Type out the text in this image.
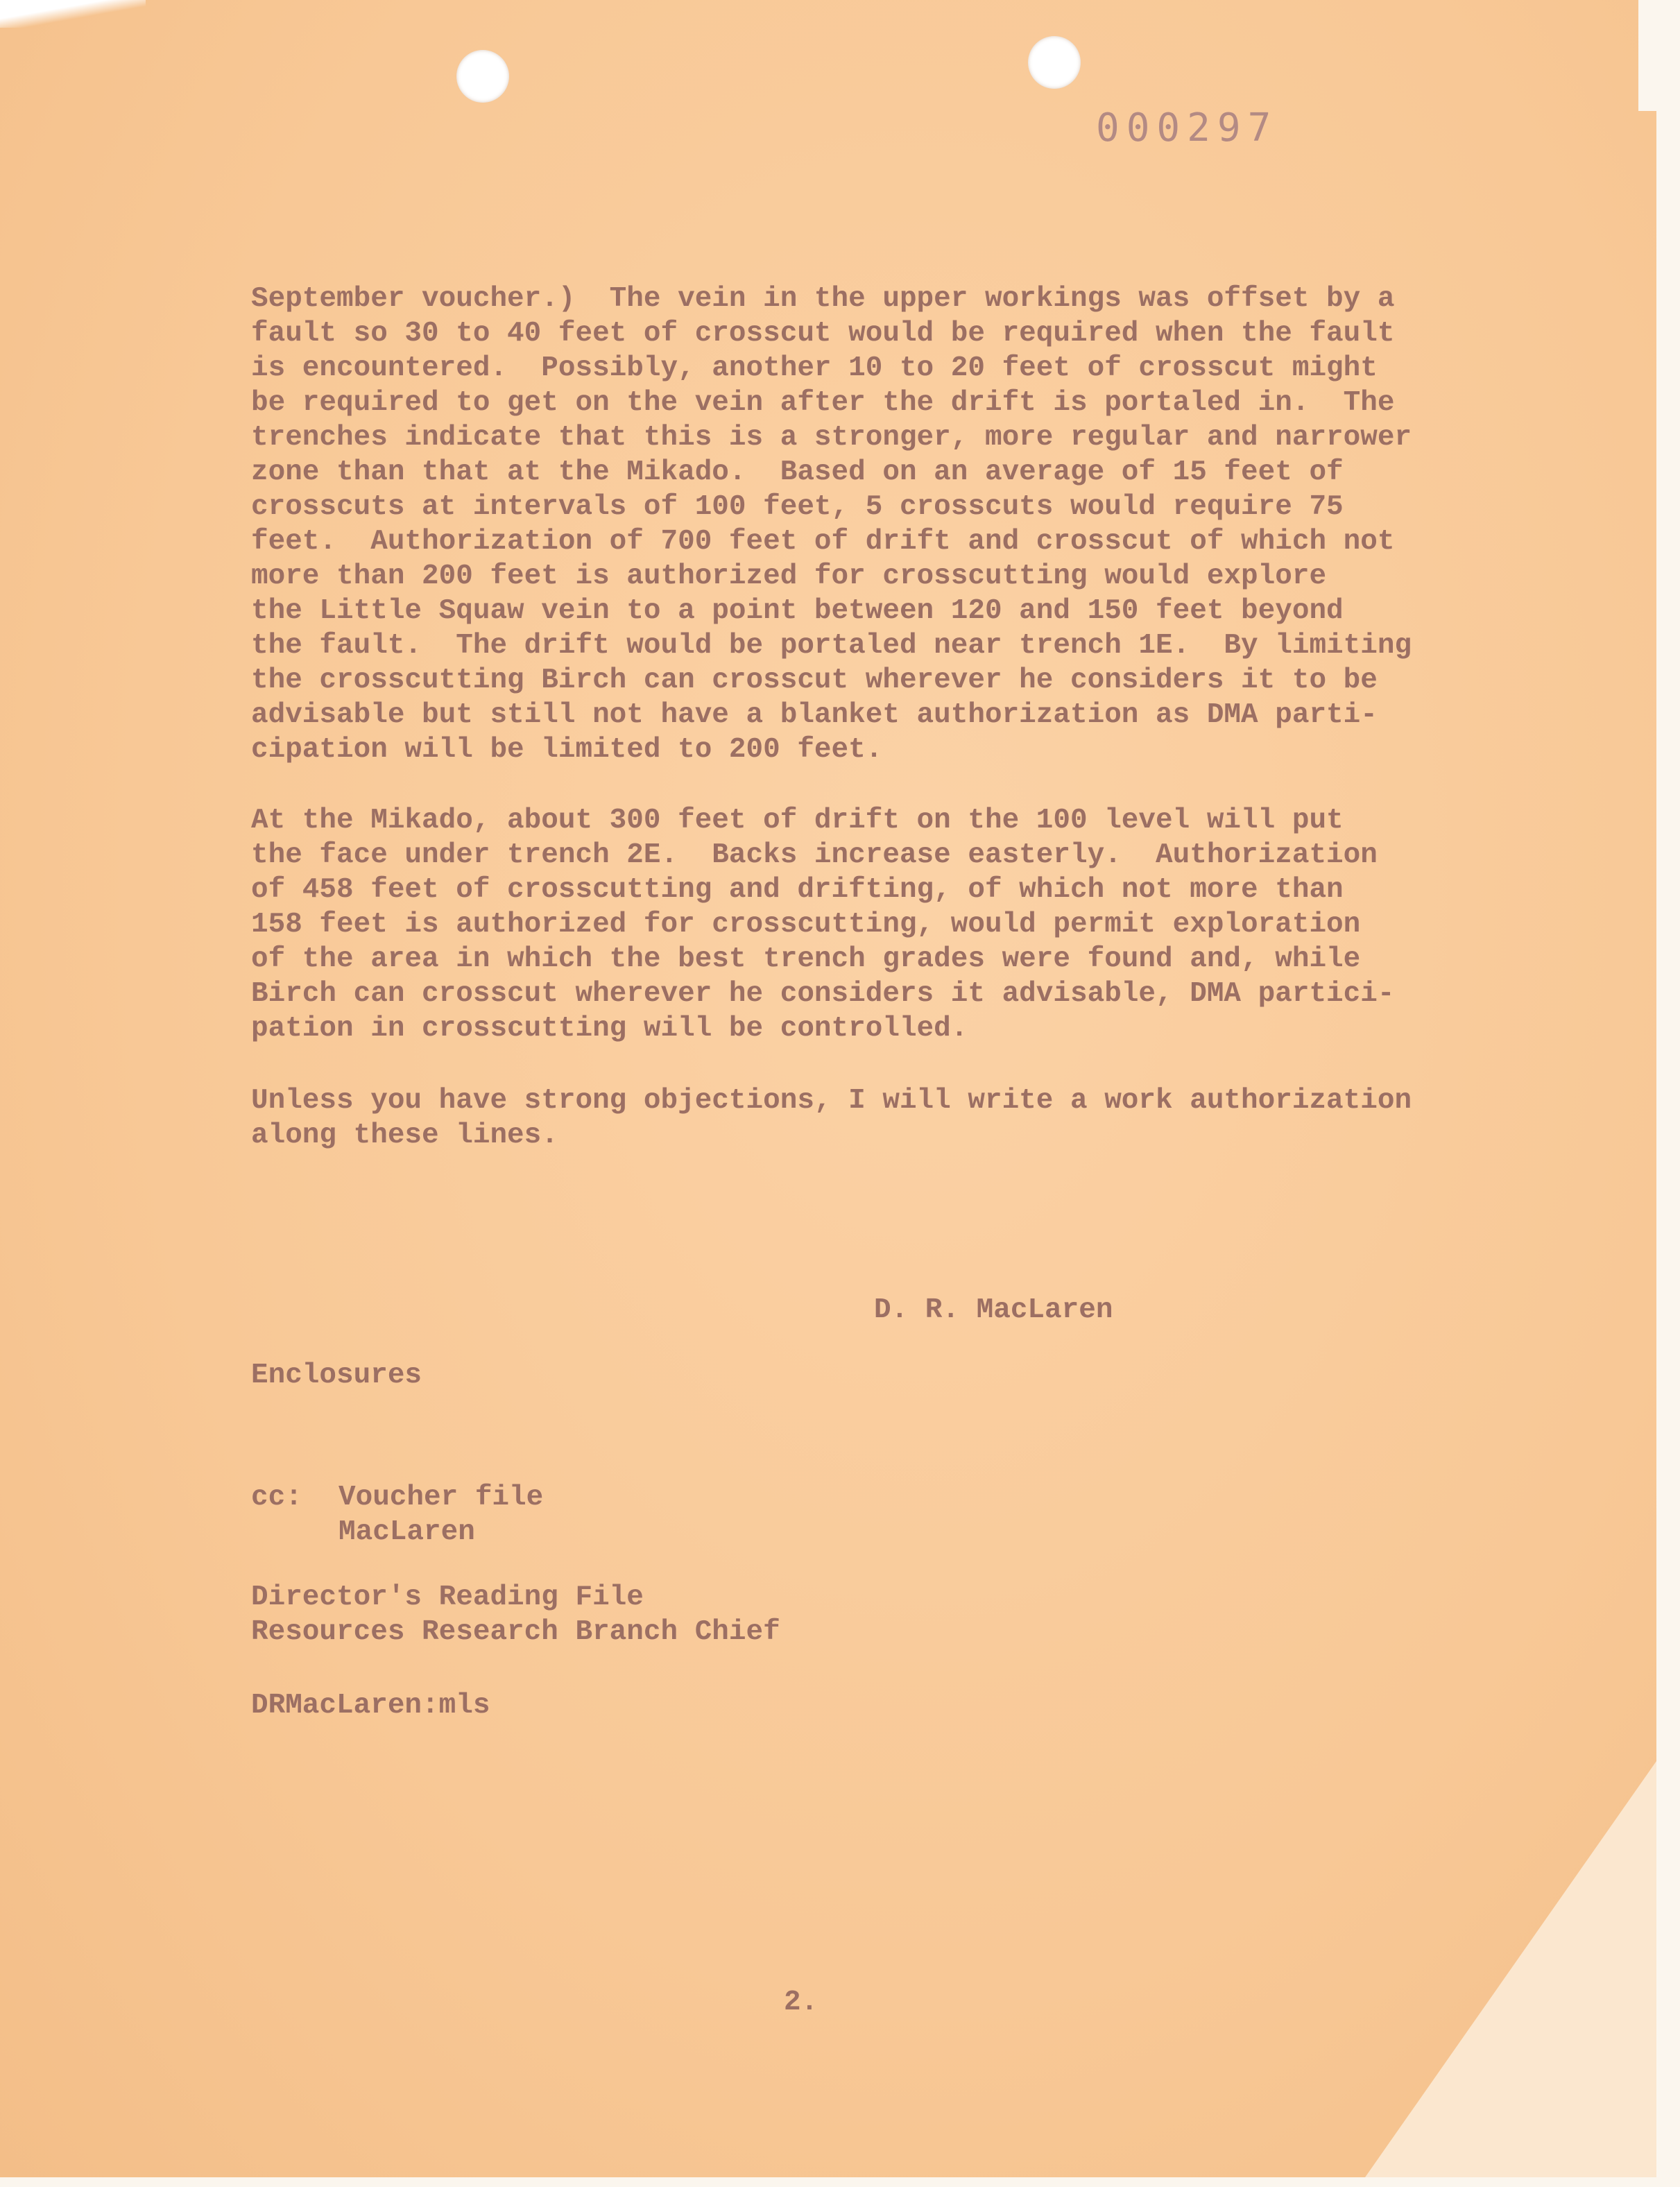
000297
September voucher.)  The vein in the upper workings was offset by a
fault so 30 to 40 feet of crosscut would be required when the fault
is encountered.  Possibly, another 10 to 20 feet of crosscut might
be required to get on the vein after the drift is portaled in.  The
trenches indicate that this is a stronger, more regular and narrower
zone than that at the Mikado.  Based on an average of 15 feet of
crosscuts at intervals of 100 feet, 5 crosscuts would require 75
feet.  Authorization of 700 feet of drift and crosscut of which not
more than 200 feet is authorized for crosscutting would explore
the Little Squaw vein to a point between 120 and 150 feet beyond
the fault.  The drift would be portaled near trench 1E.  By limiting
the crosscutting Birch can crosscut wherever he considers it to be
advisable but still not have a blanket authorization as DMA parti-
cipation will be limited to 200 feet.
At the Mikado, about 300 feet of drift on the 100 level will put
the face under trench 2E.  Backs increase easterly.  Authorization
of 458 feet of crosscutting and drifting, of which not more than
158 feet is authorized for crosscutting, would permit exploration
of the area in which the best trench grades were found and, while
Birch can crosscut wherever he considers it advisable, DMA partici-
pation in crosscutting will be controlled.
Unless you have strong objections, I will write a work authorization
along these lines.
D. R. MacLaren
Enclosures
cc: Voucher file
MacLaren
Director's Reading File
Resources Research Branch Chief
DRMacLaren:mls
2.
